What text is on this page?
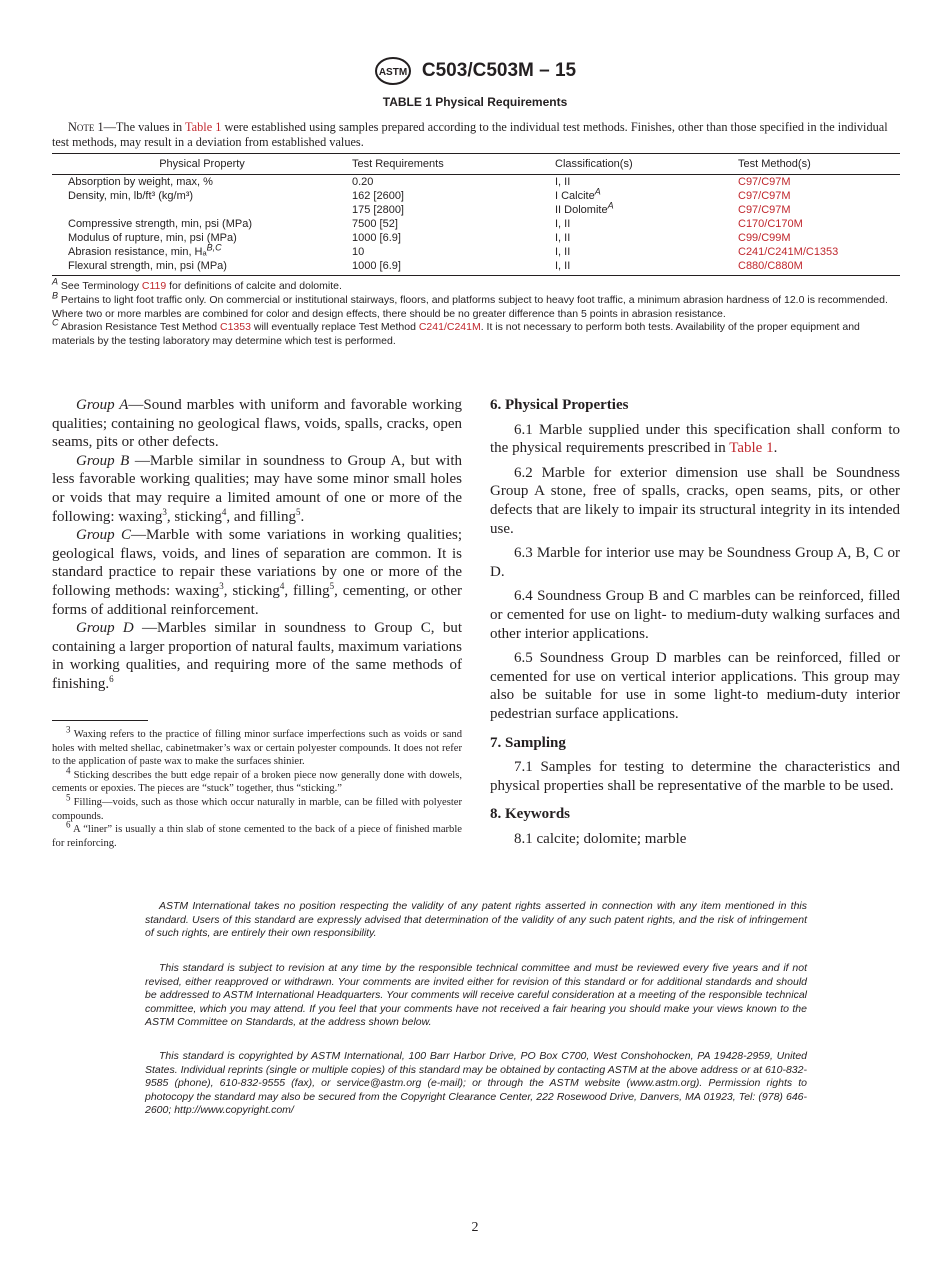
ASTM C503/C503M – 15
TABLE 1 Physical Requirements
Note 1—The values in Table 1 were established using samples prepared according to the individual test methods. Finishes, other than those specified in the individual test methods, may result in a deviation from established values.
Physical Property	Test Requirements	Classification(s)	Test Method(s)
Absorption by weight, max, %	0.20	I, II	C97/C97M
Density, min, lb/ft³ (kg/m³)	162 [2600]	I Calcite$^A$	C97/C97M
	175 [2800]	II Dolomite$^A$	C97/C97M
Compressive strength, min, psi (MPa)	7500 [52]	I, II	C170/C170M
Modulus of rupture, min, psi (MPa)	1000 [6.9]	I, II	C99/C99M
Abrasion resistance, min, Hₐ$^{B,C}$	10	I, II	C241/C241M/C1353
Flexural strength, min, psi (MPa)	1000 [6.9]	I, II	C880/C880M
$^A$ See Terminology C119 for definitions of calcite and dolomite.
$^B$ Pertains to light foot traffic only. On commercial or institutional stairways, floors, and platforms subject to heavy foot traffic, a minimum abrasion hardness of 12.0 is recommended. Where two or more marbles are combined for color and design effects, there should be no greater difference than 5 points in abrasion resistance.
$^C$ Abrasion Resistance Test Method C1353 will eventually replace Test Method C241/C241M. It is not necessary to perform both tests. Availability of the proper equipment and materials by the testing laboratory may determine which test is performed.

Group A—Sound marbles with uniform and favorable working qualities; containing no geological flaws, voids, spalls, cracks, open seams, pits or other defects.

Group B —Marble similar in soundness to Group A, but with less favorable working qualities; may have some minor small holes or voids that may require a limited amount of one or more of the following: waxing$^3$, sticking$^4$, and filling$^5$.

Group C—Marble with some variations in working qualities; geological flaws, voids, and lines of separation are common. It is standard practice to repair these variations by one or more of the following methods: waxing$^3$, sticking$^4$, filling$^5$, cementing, or other forms of additional reinforcement.

Group D —Marbles similar in soundness to Group C, but containing a larger proportion of natural faults, maximum variations in working qualities, and requiring more of the same methods of finishing.$^6$

$^3$ Waxing refers to the practice of filling minor surface imperfections such as voids or sand holes with melted shellac, cabinetmaker’s wax or certain polyester compounds. It does not refer to the application of paste wax to make the surfaces shinier.

$^4$ Sticking describes the butt edge repair of a broken piece now generally done with dowels, cements or epoxies. The pieces are “stuck” together, thus “sticking.”

$^5$ Filling—voids, such as those which occur naturally in marble, can be filled with polyester compounds.

$^6$ A “liner” is usually a thin slab of stone cemented to the back of a piece of finished marble for reinforcing.

6. Physical Properties

6.1 Marble supplied under this specification shall conform to the physical requirements prescribed in Table 1.

6.2 Marble for exterior dimension use shall be Soundness Group A stone, free of spalls, cracks, open seams, pits, or other defects that are likely to impair its structural integrity in its intended use.

6.3 Marble for interior use may be Soundness Group A, B, C or D.

6.4 Soundness Group B and C marbles can be reinforced, filled or cemented for use on light- to medium-duty walking surfaces and other interior applications.

6.5 Soundness Group D marbles can be reinforced, filled or cemented for use on vertical interior applications. This group may also be suitable for use in some light-to medium-duty interior pedestrian surface applications.

7. Sampling

7.1 Samples for testing to determine the characteristics and physical properties shall be representative of the marble to be used.

8. Keywords

8.1 calcite; dolomite; marble

ASTM International takes no position respecting the validity of any patent rights asserted in connection with any item mentioned in this standard. Users of this standard are expressly advised that determination of the validity of any such patent rights, and the risk of infringement of such rights, are entirely their own responsibility.

This standard is subject to revision at any time by the responsible technical committee and must be reviewed every five years and if not revised, either reapproved or withdrawn. Your comments are invited either for revision of this standard or for additional standards and should be addressed to ASTM International Headquarters. Your comments will receive careful consideration at a meeting of the responsible technical committee, which you may attend. If you feel that your comments have not received a fair hearing you should make your views known to the ASTM Committee on Standards, at the address shown below.

This standard is copyrighted by ASTM International, 100 Barr Harbor Drive, PO Box C700, West Conshohocken, PA 19428-2959, United States. Individual reprints (single or multiple copies) of this standard may be obtained by contacting ASTM at the above address or at 610-832-9585 (phone), 610-832-9555 (fax), or service@astm.org (e-mail); or through the ASTM website (www.astm.org). Permission rights to photocopy the standard may also be secured from the Copyright Clearance Center, 222 Rosewood Drive, Danvers, MA 01923, Tel: (978) 646-2600; http://www.copyright.com/

2
